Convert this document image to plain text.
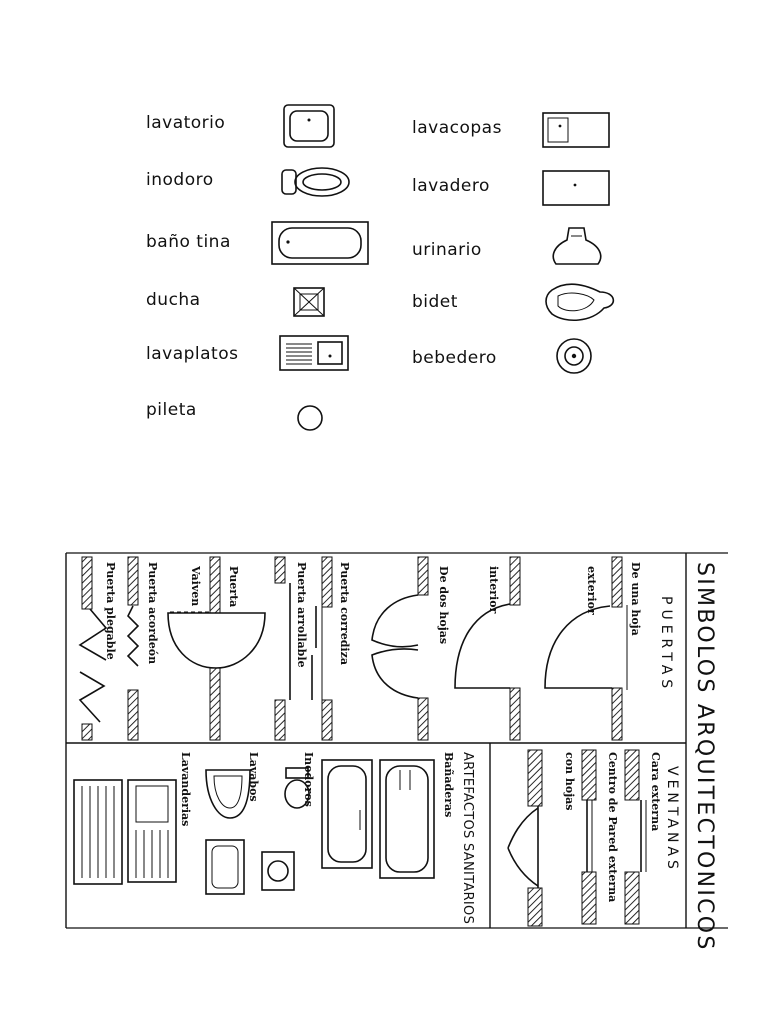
lavatorio
inodoro
baño tina
ducha
lavaplatos
pileta
lavacopas
lavadero
urinario
bidet
bebedero
SIMBOLOS ARQUITECTONICOS
PUERTAS
VENTANAS
ARTEFACTOS SANITARIOS
De una hoja
exterior
interior
De dos hojas
Puerta corrediza
Puerta arrollable
Puerta
Vaiven
Puerta acordeón
Puerta plegable
Cara externa
Centro de Pared externa
con hojas
Bañaderas
Inodoros
Lavabos
Lavanderias
